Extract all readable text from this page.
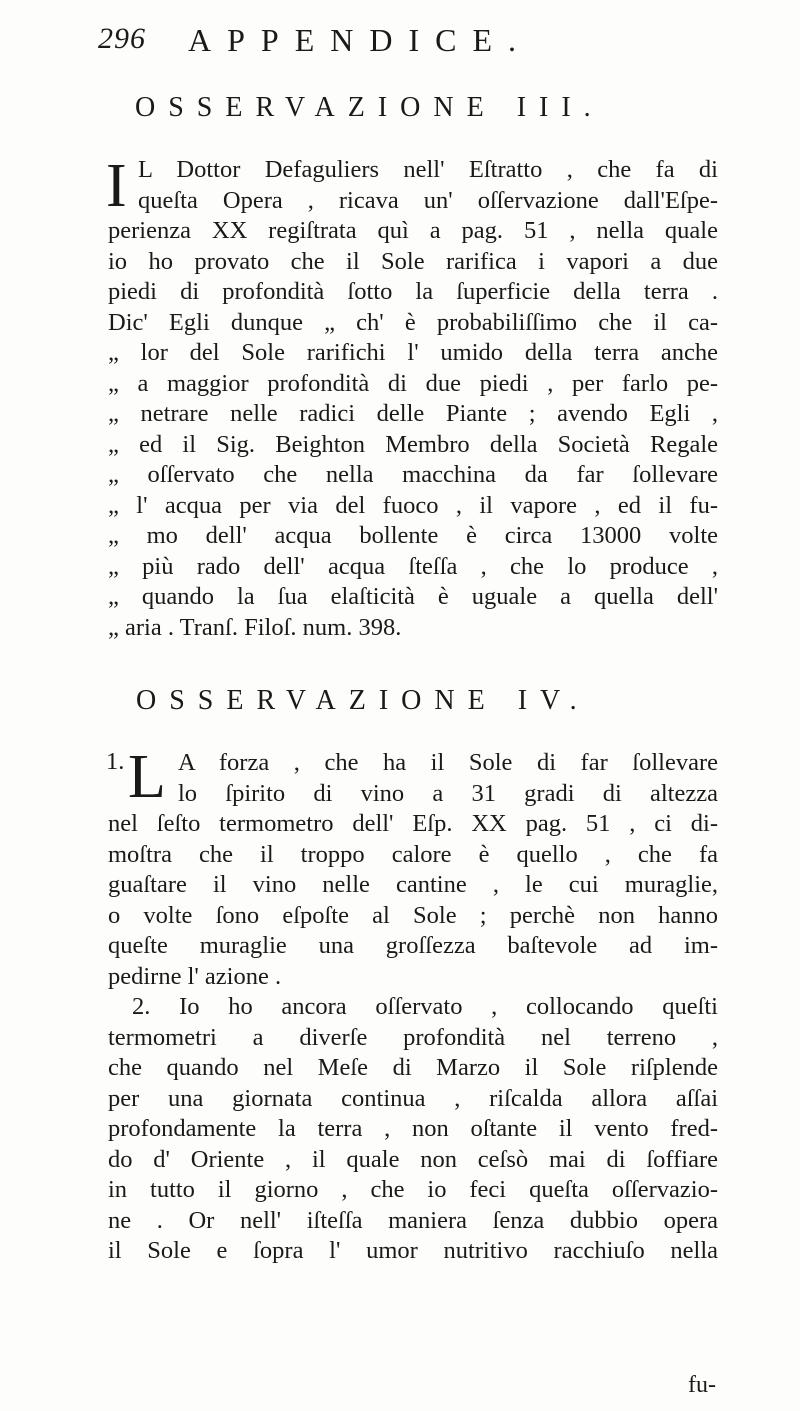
296 APPENDICE.
OSSERVAZIONE III.
I L Dottor Defaguliers nell' Eſtratto , che fa di
queſta Opera , ricava un' oſſervazione dall'Eſpe-
perienza XX regiſtrata quì a pag. 51 , nella quale
io ho provato che il Sole rarifica i vapori a due
piedi di profondità ſotto la ſuperficie della terra .
Dic' Egli dunque „ ch' è probabiliſſimo che il ca-
„ lor del Sole rarifichi l' umido della terra anche
„ a maggior profondità di due piedi , per farlo pe-
„ netrare nelle radici delle Piante ; avendo Egli ,
„ ed il Sig. Beighton Membro della Società Regale
„ oſſervato che nella macchina da far ſollevare
„ l' acqua per via del fuoco , il vapore , ed il fu-
„ mo dell' acqua bollente è circa 13000 volte
„ più rado dell' acqua ſteſſa , che lo produce ,
„ quando la ſua elaſticità è uguale a quella dell'
„ aria . Tranſ. Filoſ. num. 398.
OSSERVAZIONE IV.
1. L A forza , che ha il Sole di far ſollevare
lo ſpirito di vino a 31 gradi di altezza
nel ſeſto termometro dell' Eſp. XX pag. 51 , ci di-
moſtra che il troppo calore è quello , che fa
guaſtare il vino nelle cantine , le cui muraglie,
o volte ſono eſpoſte al Sole ; perchè non hanno
queſte muraglie una groſſezza baſtevole ad im-
pedirne l' azione .
2. Io ho ancora oſſervato , collocando queſti
termometri a diverſe profondità nel terreno ,
che quando nel Meſe di Marzo il Sole riſplende
per una giornata continua , riſcalda allora aſſai
profondamente la terra , non oſtante il vento fred-
do d' Oriente , il quale non ceſsò mai di ſoffiare
in tutto il giorno , che io feci queſta oſſervazio-
ne . Or nell' iſteſſa maniera ſenza dubbio opera
il Sole e ſopra l' umor nutritivo racchiuſo nella
fu-
